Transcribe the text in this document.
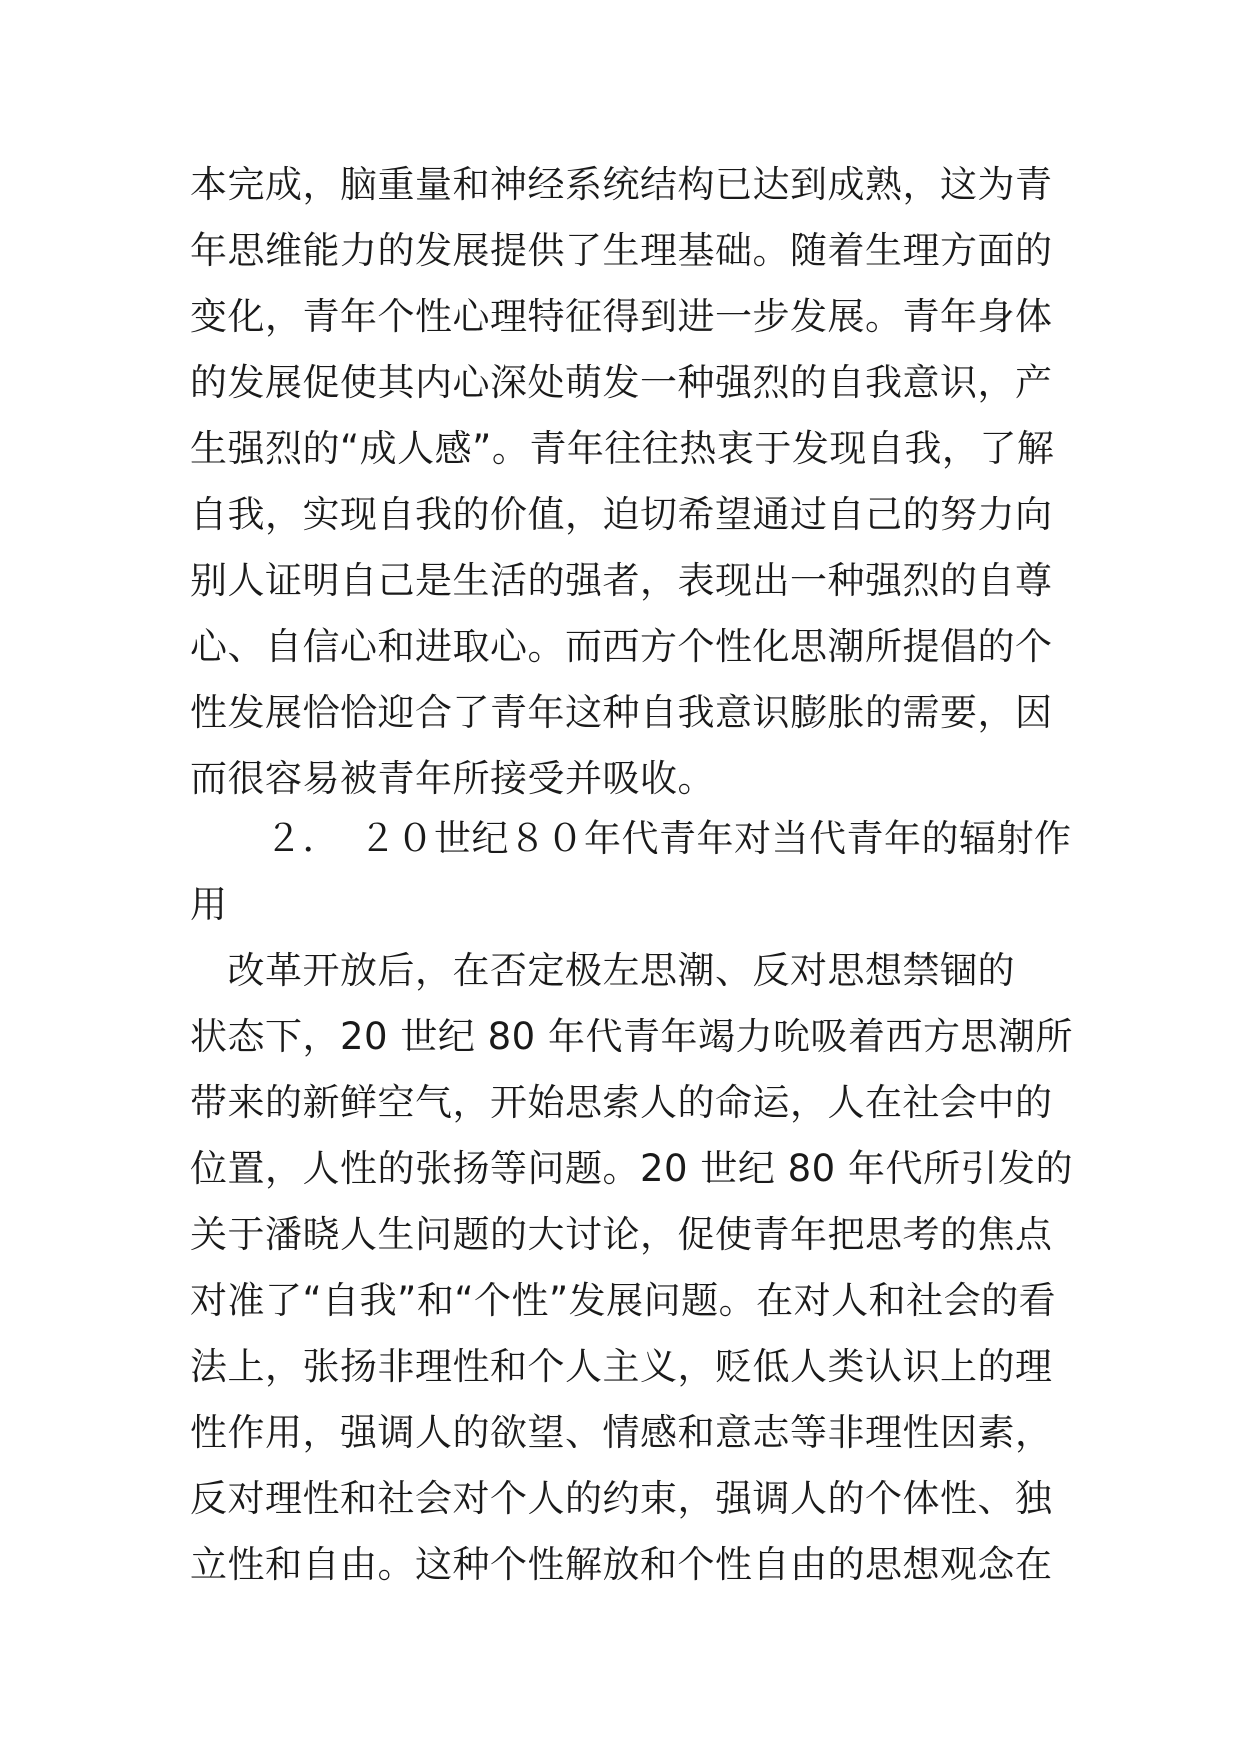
本完成，脑重量和神经系统结构已达到成熟，这为青
年思维能力的发展提供了生理基础。随着生理方面的
变化，青年个性心理特征得到进一步发展。青年身体
的发展促使其内心深处萌发一种强烈的自我意识，产
生强烈的“成人感”。青年往往热衷于发现自我，了解
自我，实现自我的价值，迫切希望通过自己的努力向
别人证明自己是生活的强者，表现出一种强烈的自尊
心、自信心和进取心。而西方个性化思潮所提倡的个
性发展恰恰迎合了青年这种自我意识膨胀的需要，因
而很容易被青年所接受并吸收。
　　２．　２０世纪８０年代青年对当代青年的辐射作
用
　改革开放后，在否定极左思潮、反对思想禁锢的
状态下，20 世纪 80 年代青年竭力吮吸着西方思潮所
带来的新鲜空气，开始思索人的命运，人在社会中的
位置，人性的张扬等问题。20 世纪 80 年代所引发的
关于潘晓人生问题的大讨论，促使青年把思考的焦点
对准了“自我”和“个性”发展问题。在对人和社会的看
法上，张扬非理性和个人主义，贬低人类认识上的理
性作用，强调人的欲望、情感和意志等非理性因素，
反对理性和社会对个人的约束，强调人的个体性、独
立性和自由。这种个性解放和个性自由的思想观念在
